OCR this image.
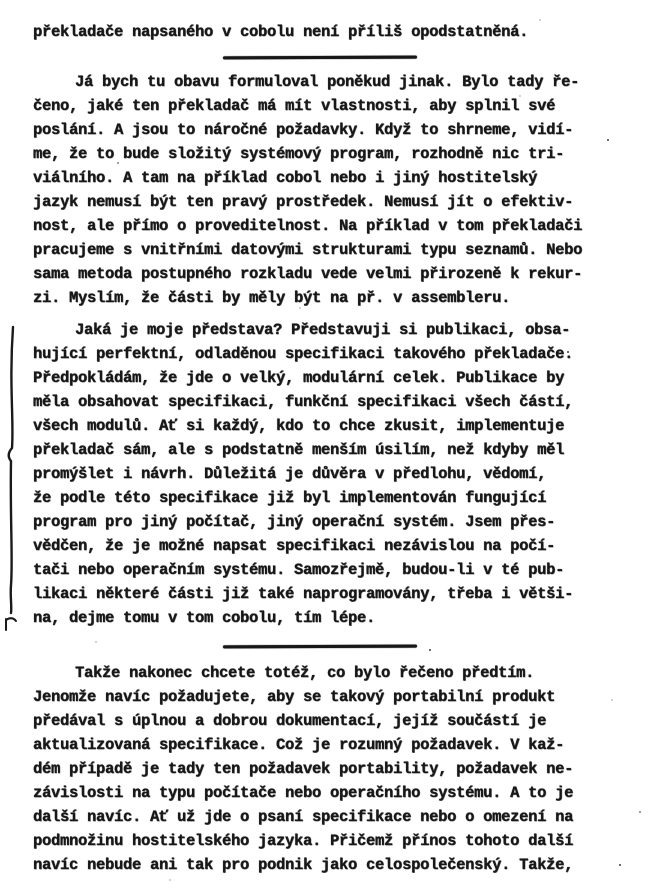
překladače napsaného v cobolu není příliš opodstatněná.
Já bych tu obavu formuloval poněkud jinak. Bylo tady ře-
čeno, jaké ten překladač má mít vlastnosti, aby splnil své
poslání. A jsou to náročné požadavky. Když to shrneme, vidí-
me, že to bude složitý systémový program, rozhodně nic tri-
viálního. A tam na příklad cobol nebo i jiný hostitelský
jazyk nemusí být ten pravý prostředek. Nemusí jít o efektiv-
nost, ale přímo o proveditelnost. Na příklad v tom překladači
pracujeme s vnitřními datovými strukturami typu seznamů. Nebo
sama metoda postupného rozkladu vede velmi přirozeně k rekur-
zi. Myslím, že části by měly být na př. v assembleru.
Jaká je moje představa? Představuji si publikaci, obsa-
hující perfektní, odladěnou specifikaci takového překladače.
Předpokládám, že jde o velký, modulární celek. Publikace by
měla obsahovat specifikaci, funkční specifikaci všech částí,
všech modulů. Ať si každý, kdo to chce zkusit, implementuje
překladač sám, ale s podstatně menším úsilím, než kdyby měl
promýšlet i návrh. Důležitá je důvěra v předlohu, vědomí,
že podle této specifikace již byl implementován fungující
program pro jiný počítač, jiný operační systém. Jsem přes-
vědčen, že je možné napsat specifikaci nezávislou na počí-
tači nebo operačním systému. Samozřejmě, budou-li v té pub-
likaci některé části již také naprogramovány, třeba i větši-
na, dejme tomu v tom cobolu, tím lépe.
Takže nakonec chcete totéž, co bylo řečeno předtím.
Jenomže navíc požadujete, aby se takový portabilní produkt
předával s úplnou a dobrou dokumentací, jejíž součástí je
aktualizovaná specifikace. Což je rozumný požadavek. V kaž-
dém případě je tady ten požadavek portability, požadavek ne-
závislosti na typu počítače nebo operačního systému. A to je
další navíc. Ať už jde o psaní specifikace nebo o omezení na
podmnožinu hostitelského jazyka. Přičemž přínos tohoto další
navíc nebude ani tak pro podnik jako celospolečenský. Takže,
